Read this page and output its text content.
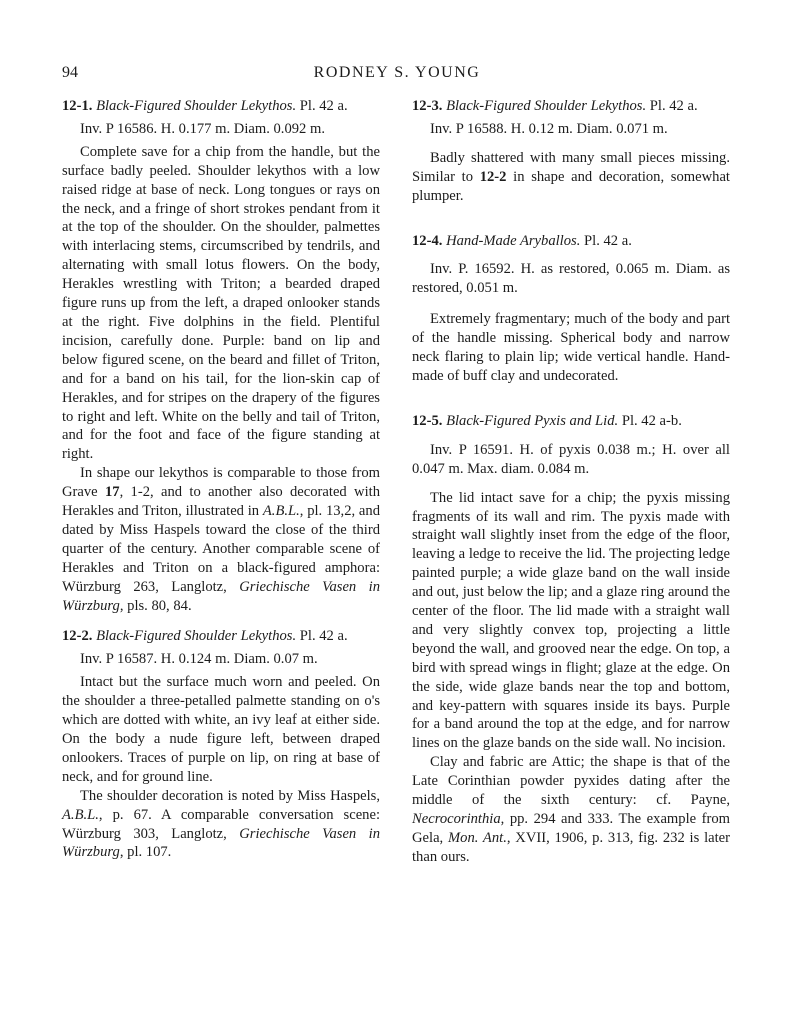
94	RODNEY S. YOUNG

12-1. Black-Figured Shoulder Lekythos. Pl. 42 a.

Inv. P 16586. H. 0.177 m. Diam. 0.092 m.

Complete save for a chip from the handle, but the surface badly peeled. Shoulder lekythos with a low raised ridge at base of neck. Long tongues or rays on the neck, and a fringe of short strokes pendant from it at the top of the shoulder. On the shoulder, palmettes with interlacing stems, circumscribed by tendrils, and alternating with small lotus flowers. On the body, Herakles wrestling with Triton; a bearded draped figure runs up from the left, a draped onlooker stands at the right. Five dolphins in the field. Plentiful incision, carefully done. Purple: band on lip and below figured scene, on the beard and fillet of Triton, and for a band on his tail, for the lion-skin cap of Herakles, and for stripes on the drapery of the figures to right and left. White on the belly and tail of Triton, and for the foot and face of the figure standing at right.

In shape our lekythos is comparable to those from Grave 17, 1-2, and to another also decorated with Herakles and Triton, illustrated in A.B.L., pl. 13,2, and dated by Miss Haspels toward the close of the third quarter of the century. Another comparable scene of Herakles and Triton on a black-figured amphora: Würzburg 263, Langlotz, Griechische Vasen in Würzburg, pls. 80, 84.

12-2. Black-Figured Shoulder Lekythos. Pl. 42 a.

Inv. P 16587. H. 0.124 m. Diam. 0.07 m.

Intact but the surface much worn and peeled. On the shoulder a three-petalled palmette standing on o's which are dotted with white, an ivy leaf at either side. On the body a nude figure left, between draped onlookers. Traces of purple on lip, on ring at base of neck, and for ground line.

The shoulder decoration is noted by Miss Haspels, A.B.L., p. 67. A comparable conversation scene: Würzburg 303, Langlotz, Griechische Vasen in Würzburg, pl. 107.

12-3. Black-Figured Shoulder Lekythos. Pl. 42 a.

Inv. P 16588. H. 0.12 m. Diam. 0.071 m.

Badly shattered with many small pieces missing. Similar to 12-2 in shape and decoration, somewhat plumper.

12-4. Hand-Made Aryballos. Pl. 42 a.

Inv. P. 16592. H. as restored, 0.065 m. Diam. as restored, 0.051 m.

Extremely fragmentary; much of the body and part of the handle missing. Spherical body and narrow neck flaring to plain lip; wide vertical handle. Hand-made of buff clay and undecorated.

12-5. Black-Figured Pyxis and Lid. Pl. 42 a-b.

Inv. P 16591. H. of pyxis 0.038 m.; H. over all 0.047 m. Max. diam. 0.084 m.

The lid intact save for a chip; the pyxis missing fragments of its wall and rim. The pyxis made with straight wall slightly inset from the edge of the floor, leaving a ledge to receive the lid. The projecting ledge painted purple; a wide glaze band on the wall inside and out, just below the lip; and a glaze ring around the center of the floor. The lid made with a straight wall and very slightly convex top, projecting a little beyond the wall, and grooved near the edge. On top, a bird with spread wings in flight; glaze at the edge. On the side, wide glaze bands near the top and bottom, and key-pattern with squares inside its bays. Purple for a band around the top at the edge, and for narrow lines on the glaze bands on the side wall. No incision.

Clay and fabric are Attic; the shape is that of the Late Corinthian powder pyxides dating after the middle of the sixth century: cf. Payne, Necrocorinthia, pp. 294 and 333. The example from Gela, Mon. Ant., XVII, 1906, p. 313, fig. 232 is later than ours.
